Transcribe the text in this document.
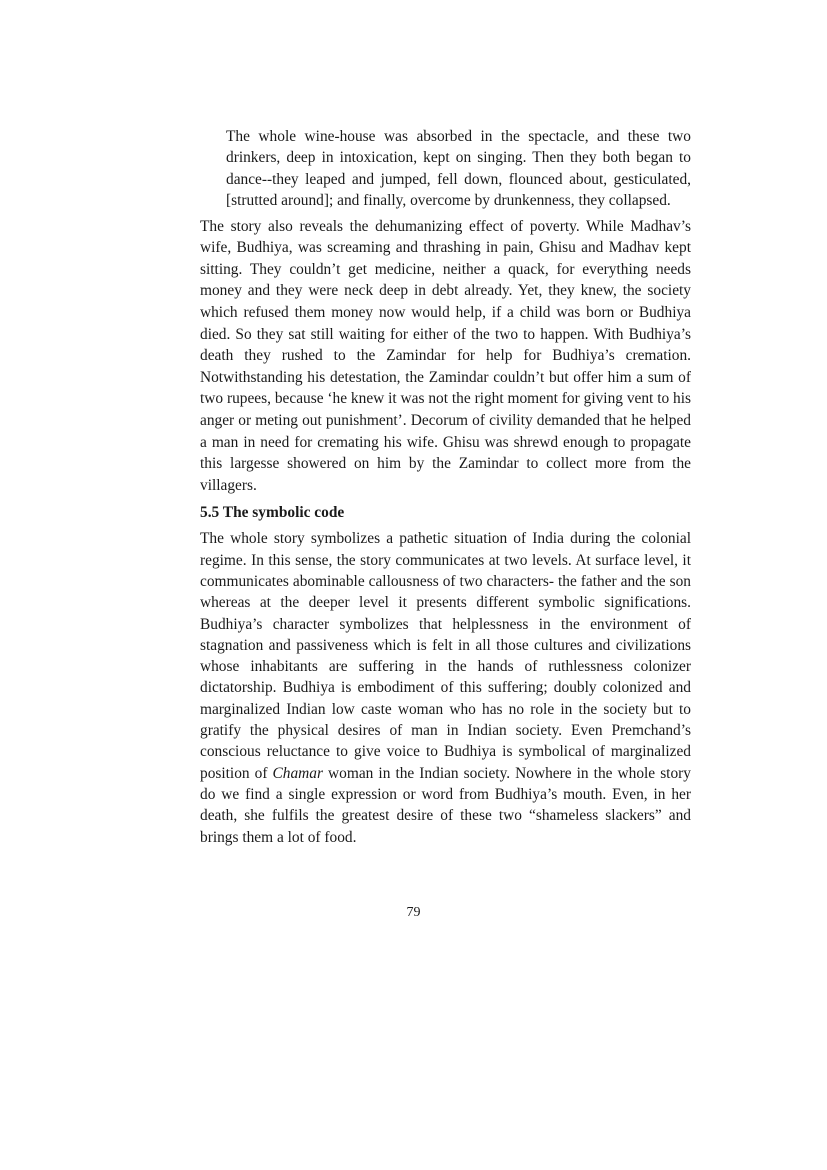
The whole wine-house was absorbed in the spectacle, and these two drinkers, deep in intoxication, kept on singing. Then they both began to dance--they leaped and jumped, fell down, flounced about, gesticulated, [strutted around]; and finally, overcome by drunkenness, they collapsed.

The story also reveals the dehumanizing effect of poverty. While Madhav’s wife, Budhiya, was screaming and thrashing in pain, Ghisu and Madhav kept sitting. They couldn’t get medicine, neither a quack, for everything needs money and they were neck deep in debt already. Yet, they knew, the society which refused them money now would help, if a child was born or Budhiya died. So they sat still waiting for either of the two to happen. With Budhiya’s death they rushed to the Zamindar for help for Budhiya’s cremation. Notwithstanding his detestation, the Zamindar couldn’t but offer him a sum of two rupees, because ‘he knew it was not the right moment for giving vent to his anger or meting out punishment’. Decorum of civility demanded that he helped a man in need for cremating his wife. Ghisu was shrewd enough to propagate this largesse showered on him by the Zamindar to collect more from the villagers.

5.5 The symbolic code

The whole story symbolizes a pathetic situation of India during the colonial regime. In this sense, the story communicates at two levels. At surface level, it communicates abominable callousness of two characters- the father and the son whereas at the deeper level it presents different symbolic significations. Budhiya’s character symbolizes that helplessness in the environment of stagnation and passiveness which is felt in all those cultures and civilizations whose inhabitants are suffering in the hands of ruthlessness colonizer dictatorship. Budhiya is embodiment of this suffering; doubly colonized and marginalized Indian low caste woman who has no role in the society but to gratify the physical desires of man in Indian society. Even Premchand’s conscious reluctance to give voice to Budhiya is symbolical of marginalized position of Chamar woman in the Indian society. Nowhere in the whole story do we find a single expression or word from Budhiya’s mouth. Even, in her death, she fulfils the greatest desire of these two “shameless slackers” and brings them a lot of food.

79
